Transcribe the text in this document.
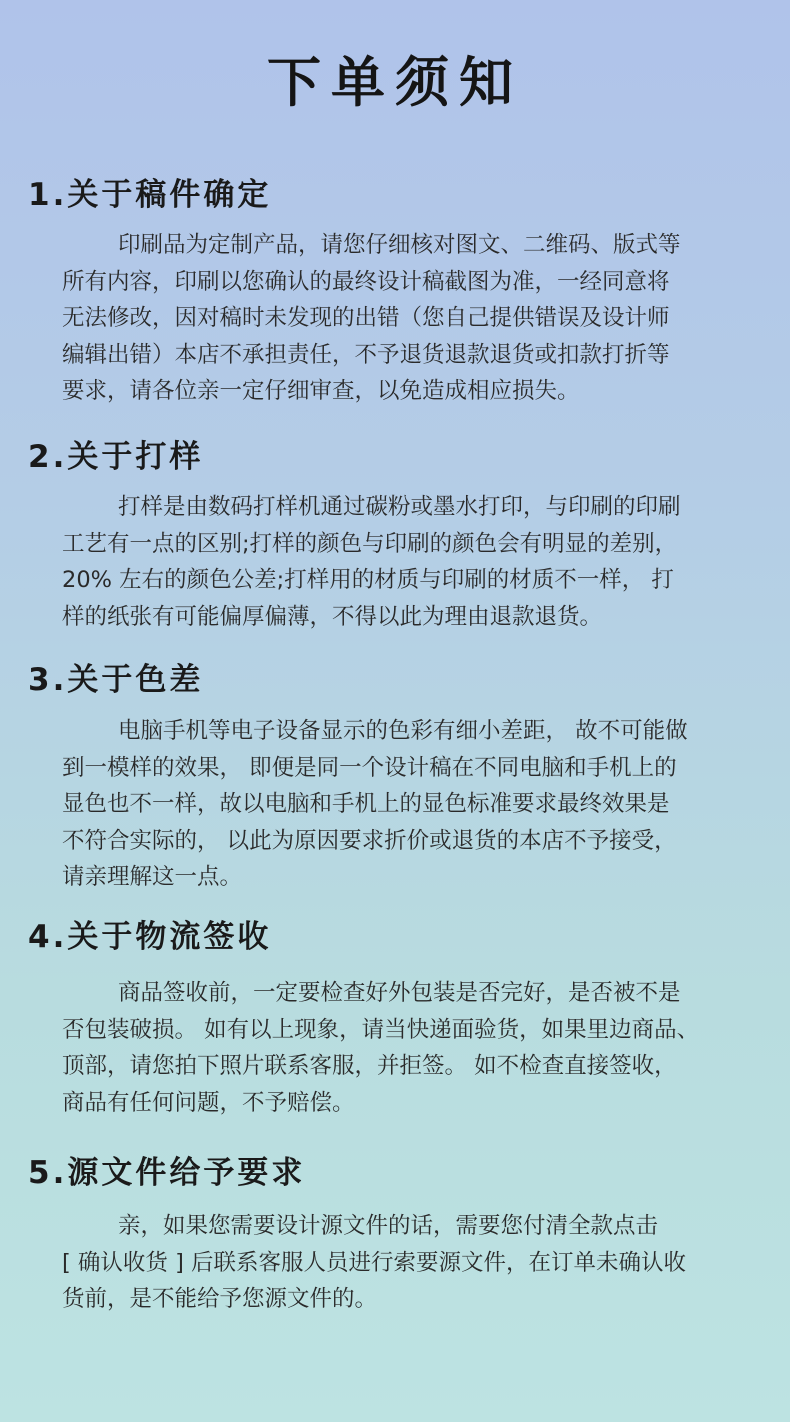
下单须知
1.关于稿件确定
印刷品为定制产品，请您仔细核对图文、二维码、版式等
所有内容，印刷以您确认的最终设计稿截图为准，一经同意将
无法修改，因对稿时未发现的出错（您自己提供错误及设计师
编辑出错）本店不承担责任，不予退货退款退货或扣款打折等
要求，请各位亲一定仔细审查，以免造成相应损失。
2.关于打样
打样是由数码打样机通过碳粉或墨水打印，与印刷的印刷
工艺有一点的区别;打样的颜色与印刷的颜色会有明显的差别，
20% 左右的颜色公差;打样用的材质与印刷的材质不一样， 打
样的纸张有可能偏厚偏薄，不得以此为理由退款退货。
3.关于色差
电脑手机等电子设备显示的色彩有细小差距， 故不可能做
到一模样的效果， 即便是同一个设计稿在不同电脑和手机上的
显色也不一样，故以电脑和手机上的显色标准要求最终效果是
不符合实际的， 以此为原因要求折价或退货的本店不予接受，
请亲理解这一点。
4.关于物流签收
商品签收前，一定要检查好外包装是否完好，是否被不是
否包装破损。 如有以上现象，请当快递面验货，如果里边商品、
顶部，请您拍下照片联系客服，并拒签。 如不检查直接签收，
商品有任何问题，不予赔偿。
5.源文件给予要求
亲，如果您需要设计源文件的话，需要您付清全款点击
[ 确认收货 ] 后联系客服人员进行索要源文件，在订单未确认收
货前，是不能给予您源文件的。
